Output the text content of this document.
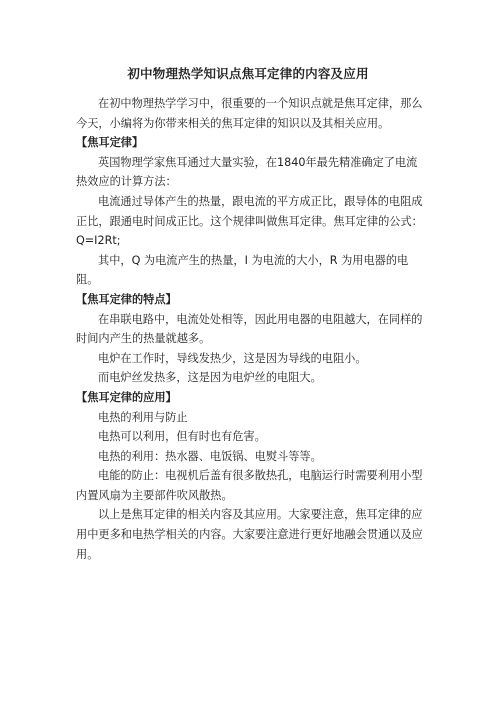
初中物理热学知识点焦耳定律的内容及应用

在初中物理热学学习中，很重要的一个知识点就是焦耳定律，那么今天，小编将为你带来相关的焦耳定律的知识以及其相关应用。

【焦耳定律】

英国物理学家焦耳通过大量实验，在1840年最先精准确定了电流热效应的计算方法：

电流通过导体产生的热量，跟电流的平方成正比，跟导体的电阻成正比，跟通电时间成正比。这个规律叫做焦耳定律。焦耳定律的公式：Q=I2Rt;

其中，Q 为电流产生的热量，I 为电流的大小，R 为用电器的电阻。

【焦耳定律的特点】

在串联电路中，电流处处相等，因此用电器的电阻越大，在同样的时间内产生的热量就越多。

电炉在工作时，导线发热少，这是因为导线的电阻小。

而电炉丝发热多，这是因为电炉丝的电阻大。

【焦耳定律的应用】

电热的利用与防止

电热可以利用，但有时也有危害。

电热的利用：热水器、电饭锅、电熨斗等等。

电能的防止：电视机后盖有很多散热孔，电脑运行时需要利用小型内置风扇为主要部件吹风散热。

以上是焦耳定律的相关内容及其应用。大家要注意，焦耳定律的应用中更多和电热学相关的内容。大家要注意进行更好地融会贯通以及应用。
